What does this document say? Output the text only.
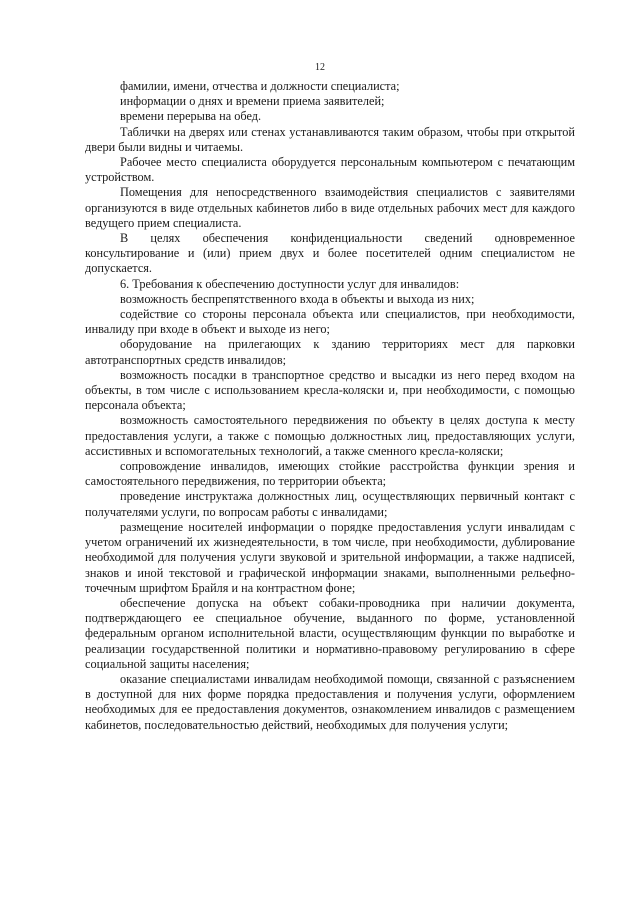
12

фамилии, имени, отчества и должности специалиста;

информации о днях и времени приема заявителей;

времени перерыва на обед.

Таблички на дверях или стенах устанавливаются таким образом, чтобы при открытой двери были видны и читаемы.

Рабочее место специалиста оборудуется персональным компьютером с печатающим устройством.

Помещения для непосредственного взаимодействия специалистов с заявителями организуются в виде отдельных кабинетов либо в виде отдельных рабочих мест для каждого ведущего прием специалиста.

В целях обеспечения конфиденциальности сведений одновременное консультирование и (или) прием двух и более посетителей одним специалистом не допускается.

6. Требования к обеспечению доступности услуг для инвалидов:

возможность беспрепятственного входа в объекты и выхода из них;

содействие со стороны персонала объекта или специалистов, при необходимости, инвалиду при входе в объект и выходе из него;

оборудование на прилегающих к зданию территориях мест для парковки автотранспортных средств инвалидов;

возможность посадки в транспортное средство и высадки из него перед входом на объекты, в том числе с использованием кресла-коляски и, при необходимости, с помощью персонала объекта;

возможность самостоятельного передвижения по объекту в целях доступа к месту предоставления услуги, а также с помощью должностных лиц, предоставляющих услуги, ассистивных и вспомогательных технологий, а также сменного кресла-коляски;

сопровождение инвалидов, имеющих стойкие расстройства функции зрения и самостоятельного передвижения, по территории объекта;

проведение инструктажа должностных лиц, осуществляющих первичный контакт с получателями услуги, по вопросам работы с инвалидами;

размещение носителей информации о порядке предоставления услуги инвалидам с учетом ограничений их жизнедеятельности, в том числе, при необходимости, дублирование необходимой для получения услуги звуковой и зрительной информации, а также надписей, знаков и иной текстовой и графической информации знаками, выполненными рельефно-точечным шрифтом Брайля и на контрастном фоне;

обеспечение допуска на объект собаки-проводника при наличии документа, подтверждающего ее специальное обучение, выданного по форме, установленной федеральным органом исполнительной власти, осуществляющим функции по выработке и реализации государственной политики и нормативно-правовому регулированию в сфере социальной защиты населения;

оказание специалистами инвалидам необходимой помощи, связанной с разъяснением в доступной для них форме порядка предоставления и получения услуги, оформлением необходимых для ее предоставления документов, ознакомлением инвалидов с размещением кабинетов, последовательностью действий, необходимых для получения услуги;
